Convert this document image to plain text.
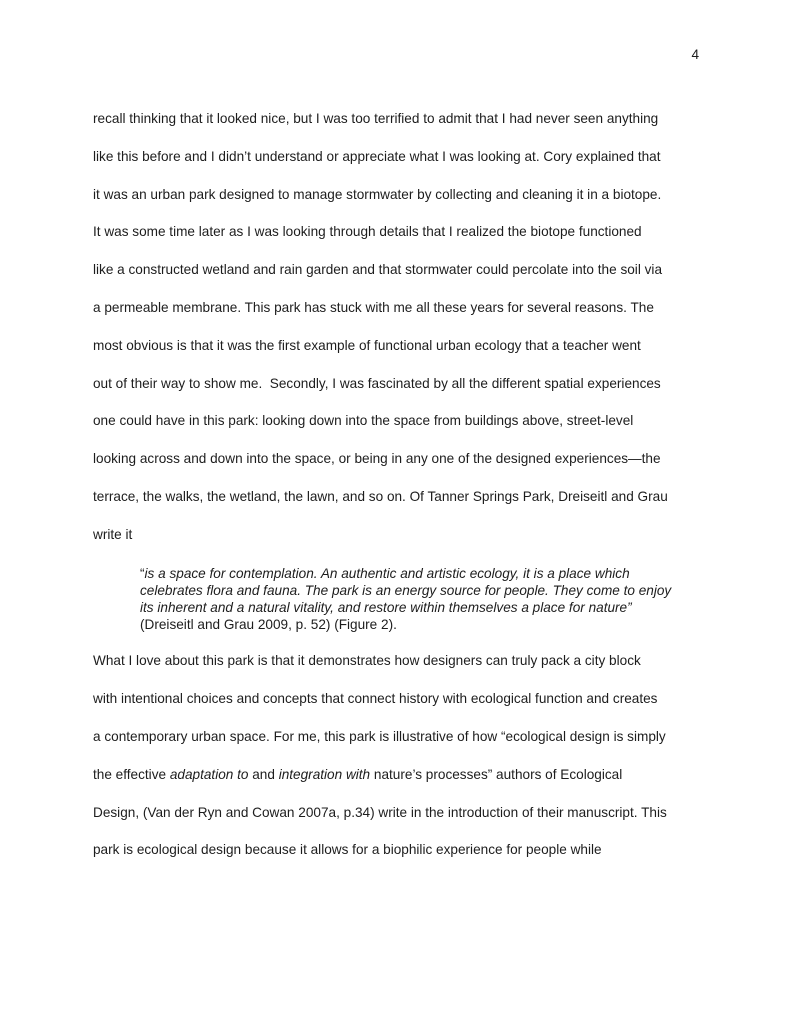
4
recall thinking that it looked nice, but I was too terrified to admit that I had never seen anything
like this before and I didn’t understand or appreciate what I was looking at. Cory explained that
it was an urban park designed to manage stormwater by collecting and cleaning it in a biotope.
It was some time later as I was looking through details that I realized the biotope functioned
like a constructed wetland and rain garden and that stormwater could percolate into the soil via
a permeable membrane. This park has stuck with me all these years for several reasons. The
most obvious is that it was the first example of functional urban ecology that a teacher went
out of their way to show me.  Secondly, I was fascinated by all the different spatial experiences
one could have in this park: looking down into the space from buildings above, street-level
looking across and down into the space, or being in any one of the designed experiences—the
terrace, the walks, the wetland, the lawn, and so on. Of Tanner Springs Park, Dreiseitl and Grau
write it
“is a space for contemplation. An authentic and artistic ecology, it is a place which
celebrates flora and fauna. The park is an energy source for people. They come to enjoy
its inherent and a natural vitality, and restore within themselves a place for nature”
(Dreiseitl and Grau 2009, p. 52) (Figure 2).
What I love about this park is that it demonstrates how designers can truly pack a city block
with intentional choices and concepts that connect history with ecological function and creates
a contemporary urban space. For me, this park is illustrative of how “ecological design is simply
the effective adaptation to and integration with nature’s processes” authors of Ecological
Design, (Van der Ryn and Cowan 2007a, p.34) write in the introduction of their manuscript. This
park is ecological design because it allows for a biophilic experience for people while
